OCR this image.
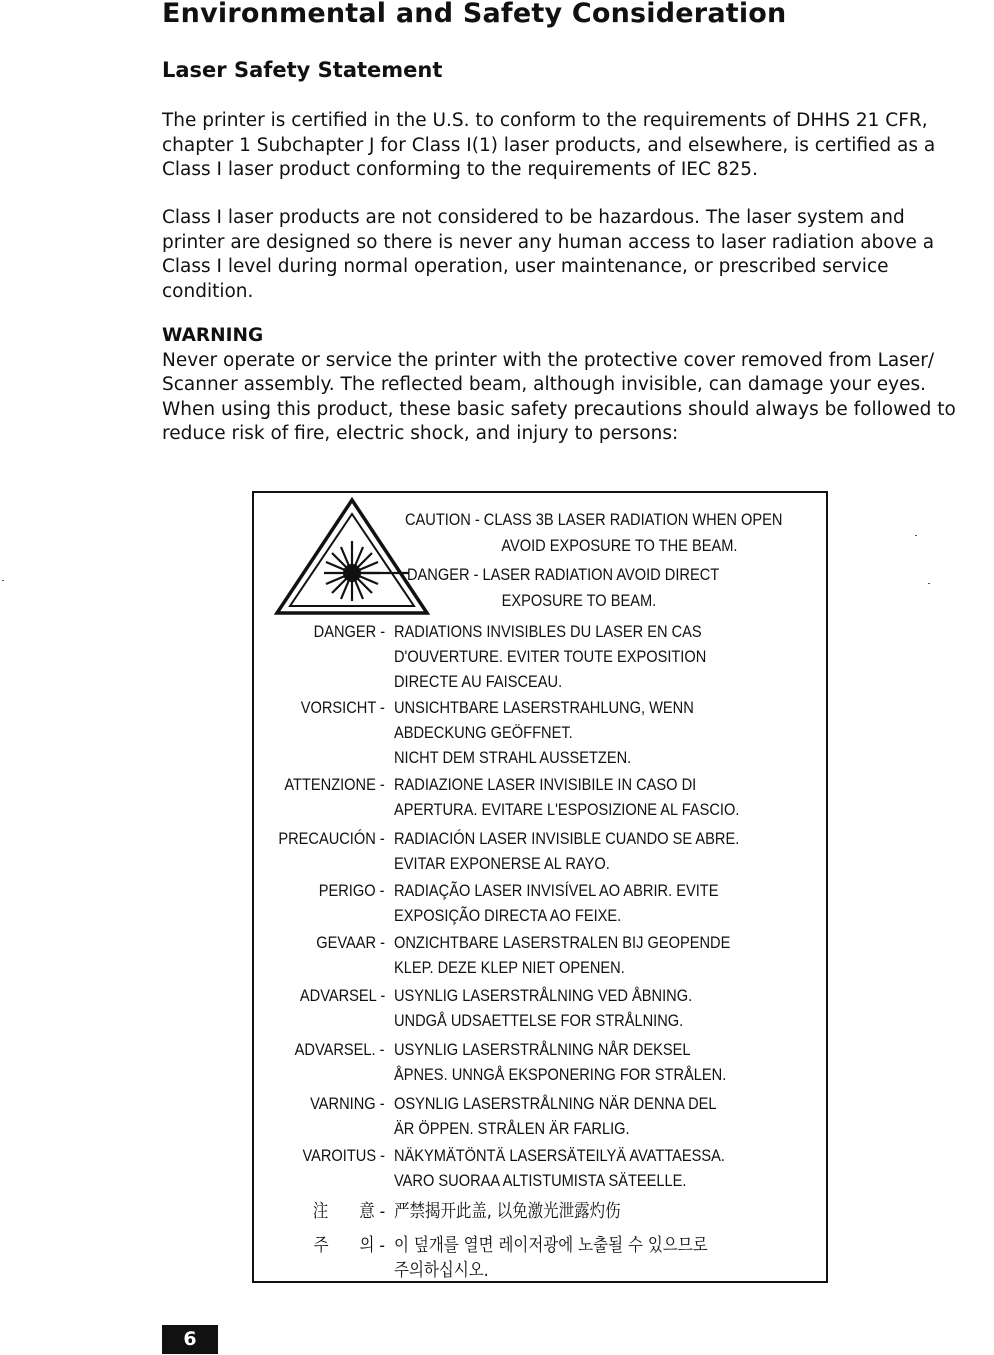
Environmental and Safety Consideration
Laser Safety Statement

The printer is certified in the U.S. to conform to the requirements of DHHS 21 CFR,
chapter 1 Subchapter J for Class I(1) laser products, and elsewhere, is certified as a
Class I laser product conforming to the requirements of IEC 825.

Class I laser products are not considered to be hazardous. The laser system and
printer are designed so there is never any human access to laser radiation above a
Class I level during normal operation, user maintenance, or prescribed service
condition.

WARNING
Never operate or service the printer with the protective cover removed from Laser/
Scanner assembly. The reflected beam, although invisible, can damage your eyes.
When using this product, these basic safety precautions should always be followed to
reduce risk of fire, electric shock, and injury to persons:

CAUTION - CLASS 3B LASER RADIATION WHEN OPEN
AVOID EXPOSURE TO THE BEAM.
DANGER - LASER RADIATION AVOID DIRECT
EXPOSURE TO BEAM.
DANGER - RADIATIONS INVISIBLES DU LASER EN CAS
D'OUVERTURE. EVITER TOUTE EXPOSITION
DIRECTE AU FAISCEAU.
VORSICHT - UNSICHTBARE LASERSTRAHLUNG, WENN
ABDECKUNG GEÖFFNET.
NICHT DEM STRAHL AUSSETZEN.
ATTENZIONE - RADIAZIONE LASER INVISIBILE IN CASO DI
APERTURA. EVITARE L'ESPOSIZIONE AL FASCIO.
PRECAUCIÓN - RADIACIÓN LASER INVISIBLE CUANDO SE ABRE.
EVITAR EXPONERSE AL RAYO.
PERIGO - RADIAÇÃO LASER INVISÍVEL AO ABRIR. EVITE
EXPOSIÇÃO DIRECTA AO FEIXE.
GEVAAR - ONZICHTBARE LASERSTRALEN BIJ GEOPENDE
KLEP. DEZE KLEP NIET OPENEN.
ADVARSEL - USYNLIG LASERSTRÅLNING VED ÅBNING.
UNDGÅ UDSAETTELSE FOR STRÅLNING.
ADVARSEL. - USYNLIG LASERSTRÅLNING NÅR DEKSEL
ÅPNES. UNNGÅ EKSPONERING FOR STRÅLEN.
VARNING - OSYNLIG LASERSTRÅLNING NÄR DENNA DEL
ÄR ÖPPEN. STRÅLEN ÄR FARLIG.
VAROITUS - NÄKYMÄTÖNTÄ LASERSÄTEILYÄ AVATTAESSA.
VARO SUORAA ALTISTUMISTA SÄTEELLE.
注　　意 - 严禁揭开此盖, 以免激光泄露灼伤
주　　의 - 이 덮개를 열면 레이저광에 노출될 수 있으므로
주의하십시오.
6
